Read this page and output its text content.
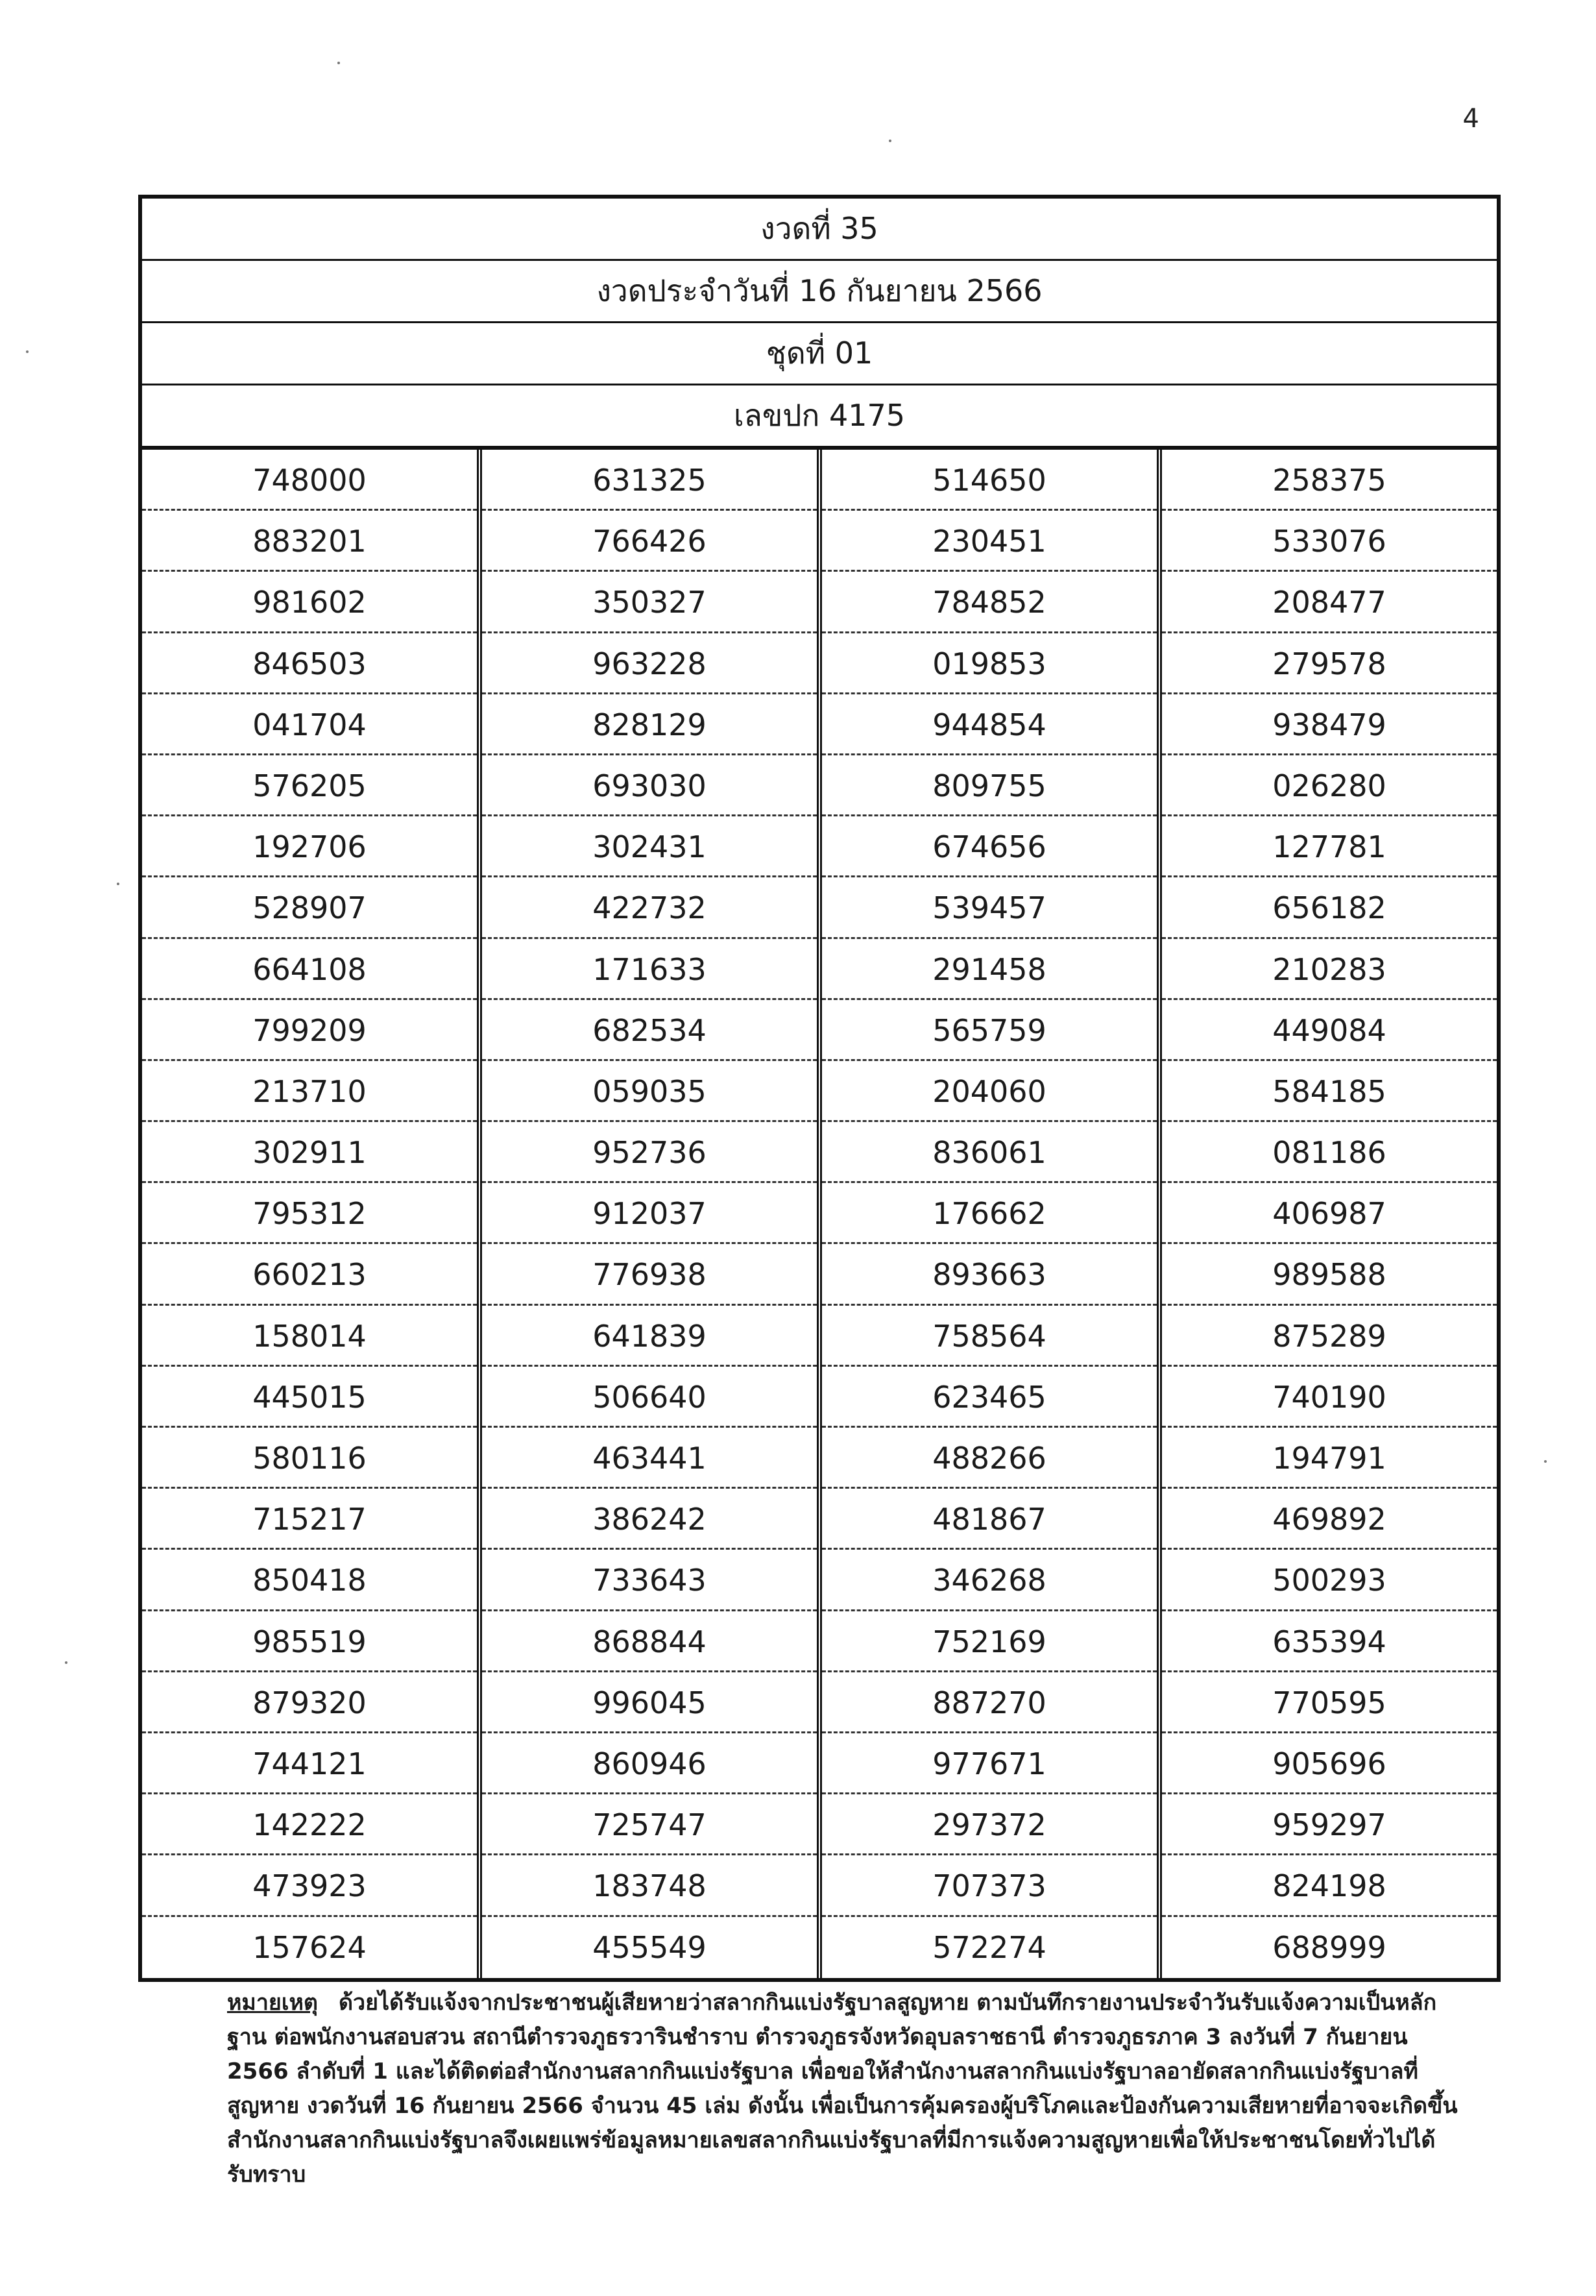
4
งวดที่ 35
งวดประจำวันที่ 16 กันยายน 2566
ชุดที่ 01
เลขปก 4175
748000
883201
981602
846503
041704
576205
192706
528907
664108
799209
213710
302911
795312
660213
158014
445015
580116
715217
850418
985519
879320
744121
142222
473923
157624
631325
766426
350327
963228
828129
693030
302431
422732
171633
682534
059035
952736
912037
776938
641839
506640
463441
386242
733643
868844
996045
860946
725747
183748
455549
514650
230451
784852
019853
944854
809755
674656
539457
291458
565759
204060
836061
176662
893663
758564
623465
488266
481867
346268
752169
887270
977671
297372
707373
572274
258375
533076
208477
279578
938479
026280
127781
656182
210283
449084
584185
081186
406987
989588
875289
740190
194791
469892
500293
635394
770595
905696
959297
824198
688999
หมายเหตุ ด้วยได้รับแจ้งจากประชาชนผู้เสียหายว่าสลากกินแบ่งรัฐบาลสูญหาย ตามบันทึกรายงานประจำวันรับแจ้งความเป็นหลักฐาน ต่อพนักงานสอบสวน สถานีตำรวจภูธรวารินชำราบ ตำรวจภูธรจังหวัดอุบลราชธานี ตำรวจภูธรภาค 3 ลงวันที่ 7 กันยายน 2566 ลำดับที่ 1 และได้ติดต่อสำนักงานสลากกินแบ่งรัฐบาล เพื่อขอให้สำนักงานสลากกินแบ่งรัฐบาลอายัดสลากกินแบ่งรัฐบาลที่สูญหาย งวดวันที่ 16 กันยายน 2566 จำนวน 45 เล่ม ดังนั้น เพื่อเป็นการคุ้มครองผู้บริโภคและป้องกันความเสียหายที่อาจจะเกิดขึ้น สำนักงานสลากกินแบ่งรัฐบาลจึงเผยแพร่ข้อมูลหมายเลขสลากกินแบ่งรัฐบาลที่มีการแจ้งความสูญหายเพื่อให้ประชาชนโดยทั่วไปได้รับทราบ
